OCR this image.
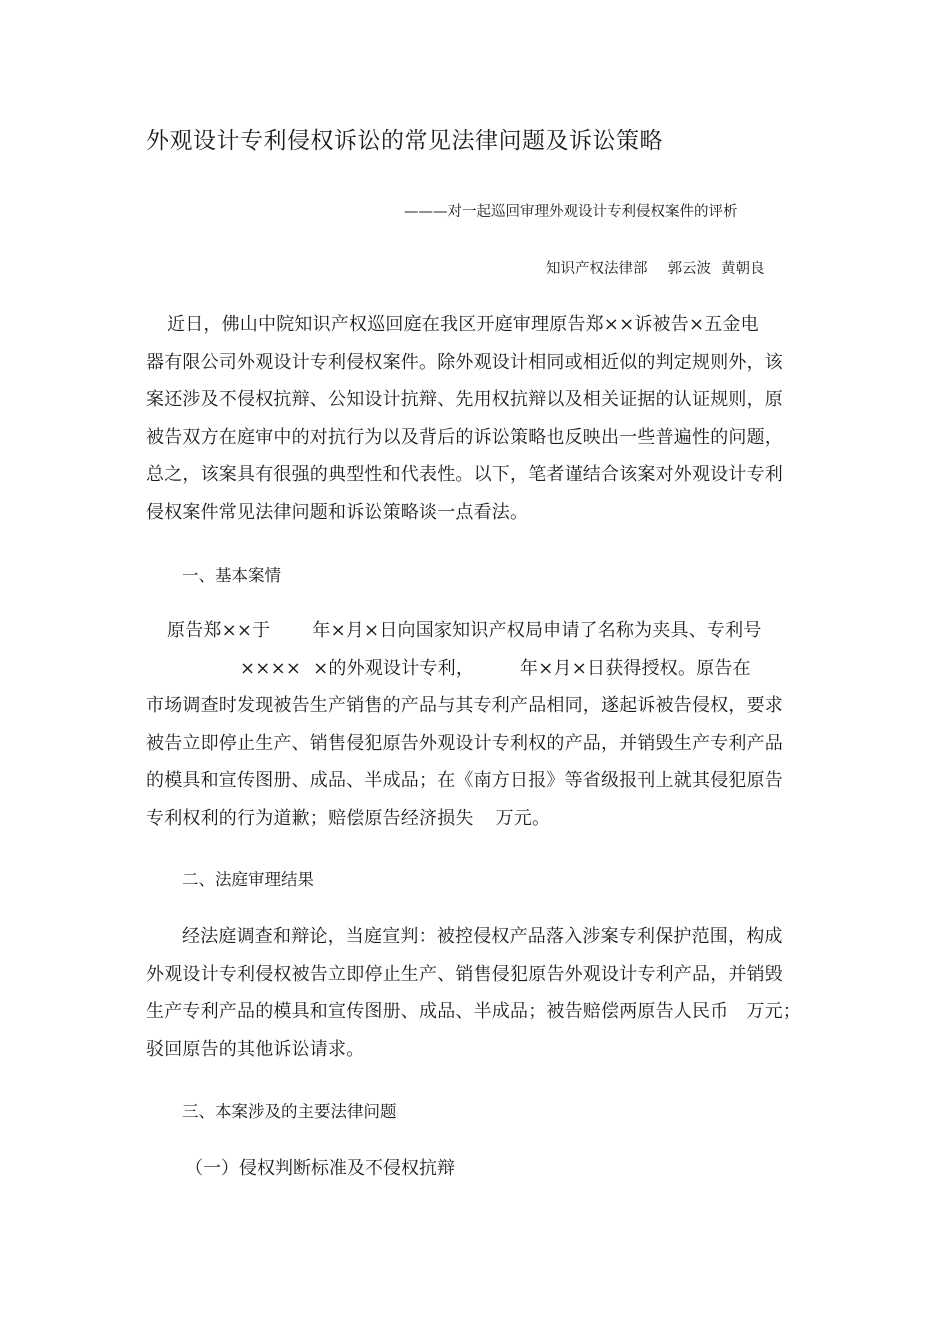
外观设计专利侵权诉讼的常见法律问题及诉讼策略
———对一起巡回审理外观设计专利侵权案件的评析
知识产权法律部 郭云波 黄朝良
近日，佛山中院知识产权巡回庭在我区开庭审理原告郑××诉被告×五金电
器有限公司外观设计专利侵权案件。除外观设计相同或相近似的判定规则外，该
案还涉及不侵权抗辩、公知设计抗辩、先用权抗辩以及相关证据的认证规则，原
被告双方在庭审中的对抗行为以及背后的诉讼策略也反映出一些普遍性的问题，
总之，该案具有很强的典型性和代表性。以下，笔者谨结合该案对外观设计专利
侵权案件常见法律问题和诉讼策略谈一点看法。
一、基本案情
原告郑××于 年×月×日向国家知识产权局申请了名称为夹具、专利号
×××× ×的外观设计专利，	年×月×日获得授权。原告在
市场调查时发现被告生产销售的产品与其专利产品相同，遂起诉被告侵权，要求
被告立即停止生产、销售侵犯原告外观设计专利权的产品，并销毁生产专利产品
的模具和宣传图册、成品、半成品；在《南方日报》等省级报刊上就其侵犯原告
专利权利的行为道歉；赔偿原告经济损失 万元。
二、法庭审理结果
经法庭调查和辩论，当庭宣判：被控侵权产品落入涉案专利保护范围，构成
外观设计专利侵权被告立即停止生产、销售侵犯原告外观设计专利产品，并销毁
生产专利产品的模具和宣传图册、成品、半成品；被告赔偿两原告人民币 万元；
驳回原告的其他诉讼请求。
三、本案涉及的主要法律问题
（一）侵权判断标准及不侵权抗辩
